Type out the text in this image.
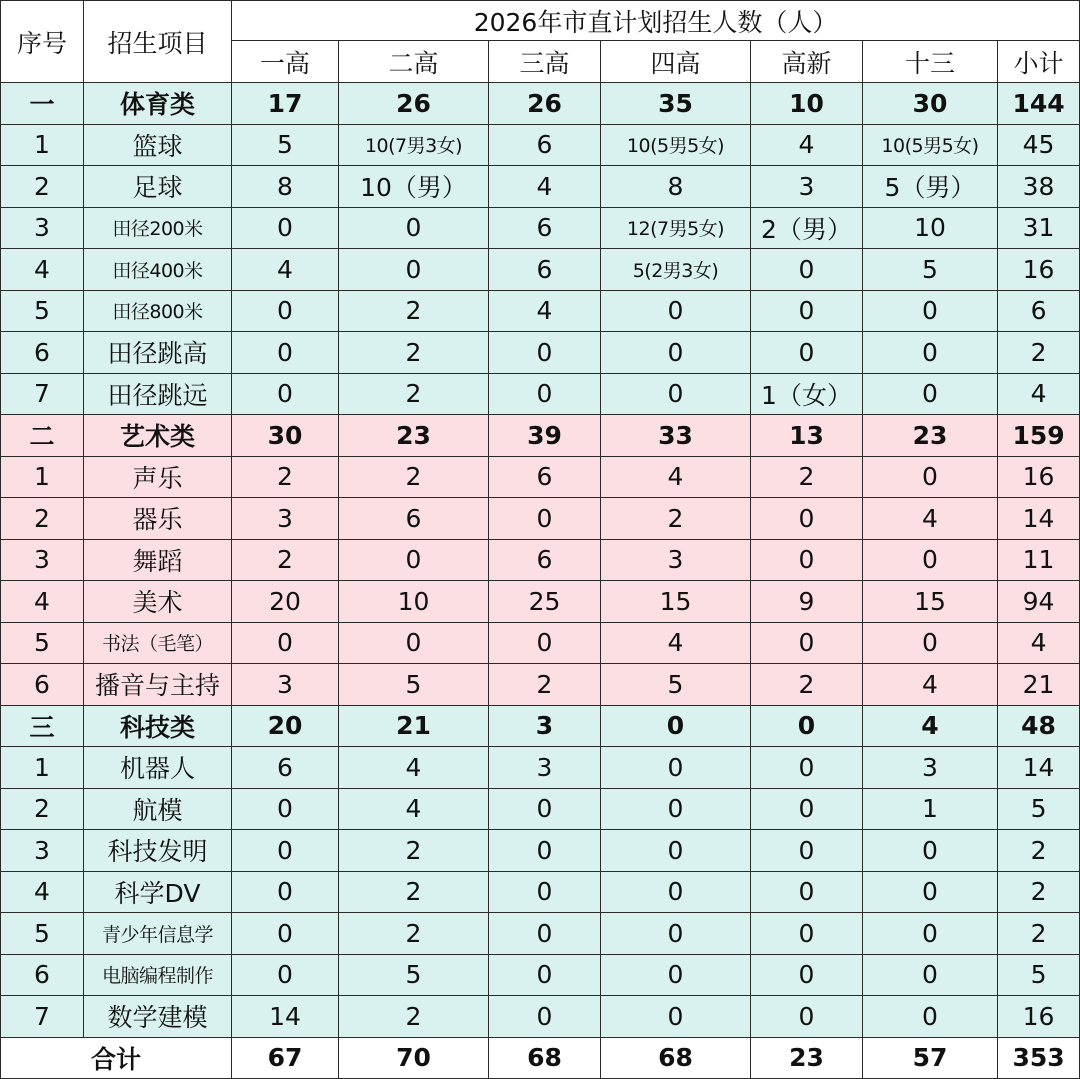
序号	招生项目	2026年市直计划招生人数（人）						
		一高	二高	三高	四高	高新	十三	小计
一	体育类	17	26	26	35	10	30	144
1	篮球	5	10(7男3女)	6	10(5男5女)	4	10(5男5女)	45
2	足球	8	10（男）	4	8	3	5（男）	38
3	田径200米	0	0	6	12(7男5女)	2（男）	10	31
4	田径400米	4	0	6	5(2男3女)	0	5	16
5	田径800米	0	2	4	0	0	0	6
6	田径跳高	0	2	0	0	0	0	2
7	田径跳远	0	2	0	0	1（女）	0	4
二	艺术类	30	23	39	33	13	23	159
1	声乐	2	2	6	4	2	0	16
2	器乐	3	6	0	2	0	4	14
3	舞蹈	2	0	6	3	0	0	11
4	美术	20	10	25	15	9	15	94
5	书法（毛笔）	0	0	0	4	0	0	4
6	播音与主持	3	5	2	5	2	4	21
三	科技类	20	21	3	0	0	4	48
1	机器人	6	4	3	0	0	3	14
2	航模	0	4	0	0	0	1	5
3	科技发明	0	2	0	0	0	0	2
4	科学DV	0	2	0	0	0	0	2
5	青少年信息学	0	2	0	0	0	0	2
6	电脑编程制作	0	5	0	0	0	0	5
7	数学建模	14	2	0	0	0	0	16
合计		67	70	68	68	23	57	353
